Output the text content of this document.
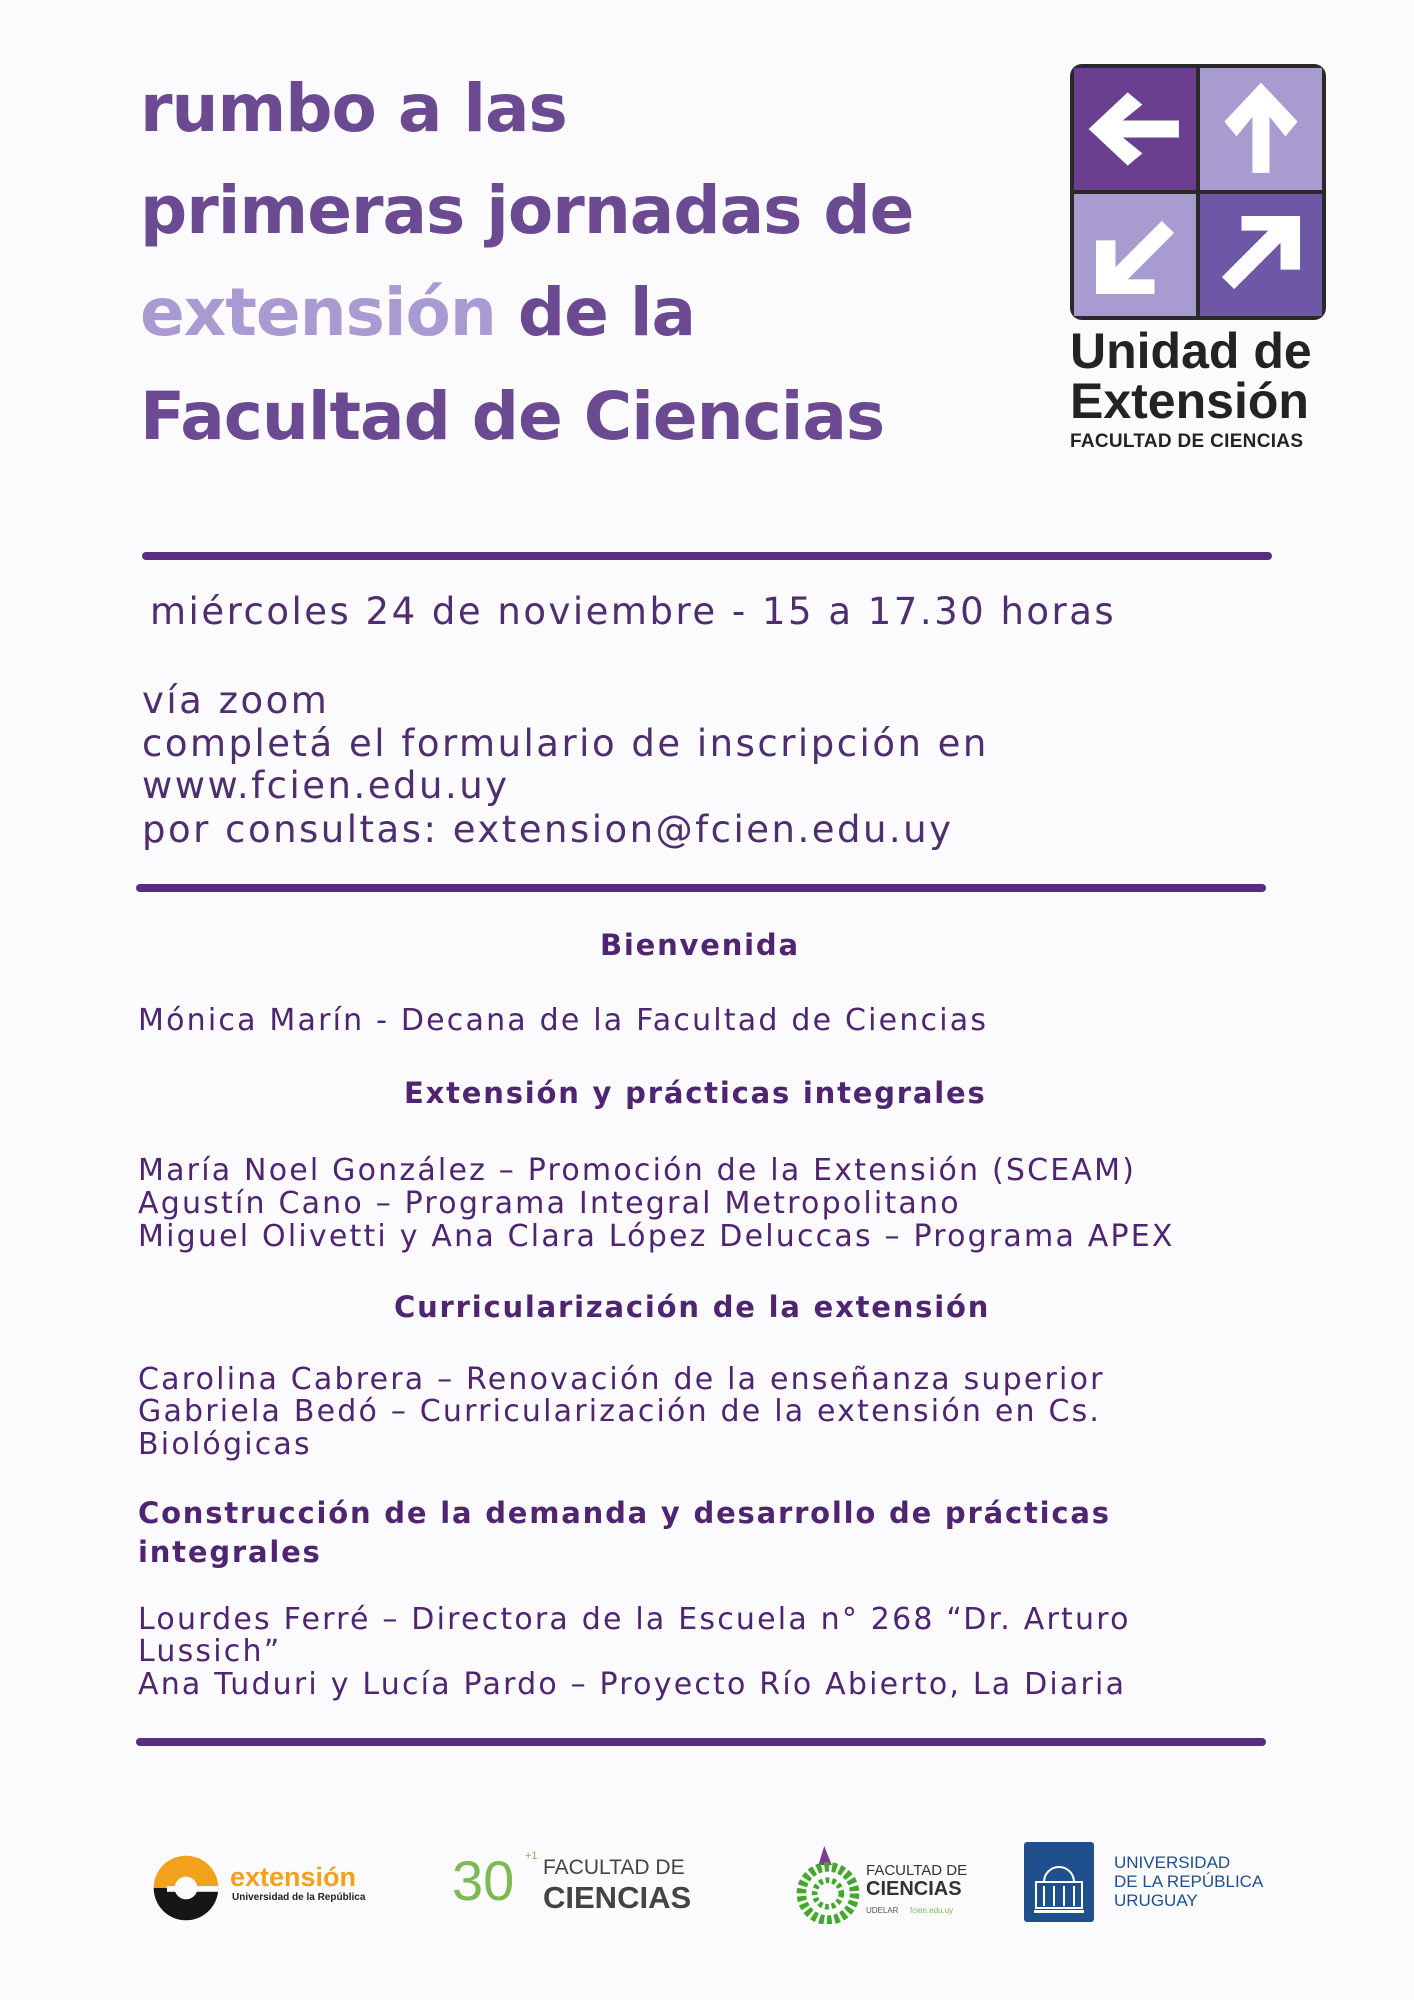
rumbo a las
primeras jornadas de
extensión de la
Facultad de Ciencias
Unidad de
Extensión
FACULTAD DE CIENCIAS
miércoles 24 de noviembre - 15 a 17.30 horas
vía zoom
completá el formulario de inscripción en
www.fcien.edu.uy
por consultas: extension@fcien.edu.uy
Bienvenida
Mónica Marín - Decana de la Facultad de Ciencias
Extensión y prácticas integrales
María Noel González – Promoción de la Extensión (SCEAM)
Agustín Cano – Programa Integral Metropolitano
Miguel Olivetti y Ana Clara López Deluccas – Programa APEX
Curricularización de la extensión
Carolina Cabrera – Renovación de la enseñanza superior
Gabriela Bedó – Curricularización de la extensión en Cs.
Biológicas
Construcción de la demanda y desarrollo de prácticas
integrales
Lourdes Ferré – Directora de la Escuela n° 268 “Dr. Arturo
Lussich”
Ana Tuduri y Lucía Pardo – Proyecto Río Abierto, La Diaria
extensión
Universidad de la República 30 +1 FACULTAD DE
CIENCIAS
FACULTAD DE
CIENCIAS
UDELAR fcien.edu.uy
UNIVERSIDAD
DE LA REPÚBLICA
URUGUAY
